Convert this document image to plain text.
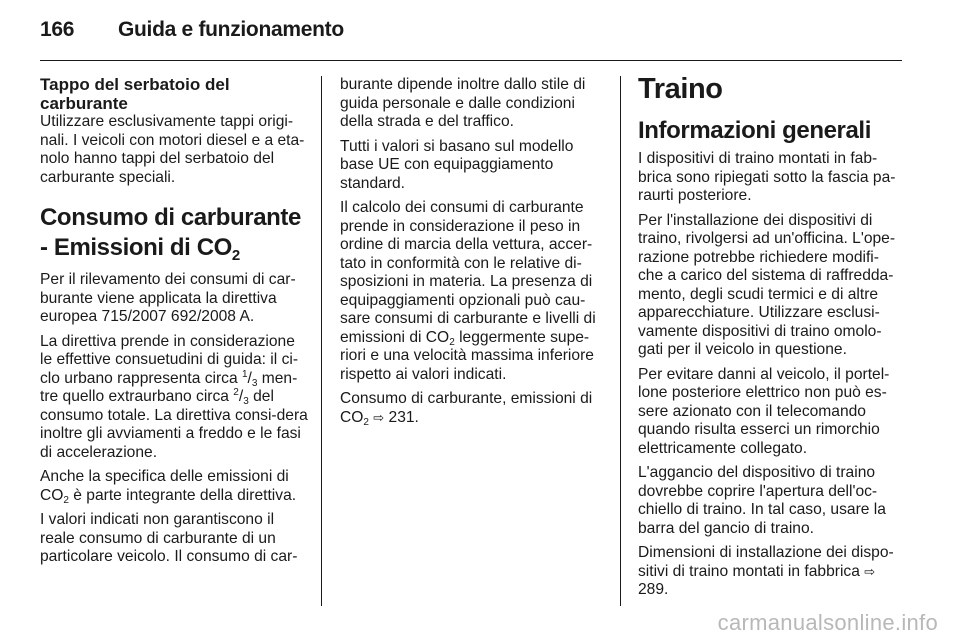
166 Guida e funzionamento
Tappo del serbatoio del carburante

Utilizzare esclusivamente tappi origi-nali. I veicoli con motori diesel e a eta-nolo hanno tappi del serbatoio del carburante speciali.

Consumo di carburante - Emissioni di $CO_2$

Per il rilevamento dei consumi di car-burante viene applicata la direttiva europea 715/2007 692/2008 A.

La direttiva prende in considerazione le effettive consuetudini di guida: il ci-clo urbano rappresenta circa $^1/_3$ men-tre quello extraurbano circa $^2/_3$ del consumo totale. La direttiva consi-dera inoltre gli avviamenti a freddo e le fasi di accelerazione.

Anche la specifica delle emissioni di $CO_2$ è parte integrante della direttiva.

I valori indicati non garantiscono il reale consumo di carburante di un particolare veicolo. Il consumo di car-

burante dipende inoltre dallo stile di guida personale e dalle condizioni della strada e del traffico.

Tutti i valori si basano sul modello base UE con equipaggiamento standard.

Il calcolo dei consumi di carburante prende in considerazione il peso in ordine di marcia della vettura, accer-tato in conformità con le relative di-sposizioni in materia. La presenza di equipaggiamenti opzionali può cau-sare consumi di carburante e livelli di emissioni di $CO_2$ leggermente supe-riori e una velocità massima inferiore rispetto ai valori indicati.

Consumo di carburante, emissioni di $CO_2$ ⇨ 231.

Traino
Informazioni generali

I dispositivi di traino montati in fab-brica sono ripiegati sotto la fascia pa-raurti posteriore.

Per l'installazione dei dispositivi di traino, rivolgersi ad un'officina. L'ope-razione potrebbe richiedere modifi-che a carico del sistema di raffredda-mento, degli scudi termici e di altre apparecchiature. Utilizzare esclusi-vamente dispositivi di traino omolo-gati per il veicolo in questione.

Per evitare danni al veicolo, il portel-lone posteriore elettrico non può es-sere azionato con il telecomando quando risulta esserci un rimorchio elettricamente collegato.

L'aggancio del dispositivo di traino dovrebbe coprire l'apertura dell'oc-chiello di traino. In tal caso, usare la barra del gancio di traino.

Dimensioni di installazione dei dispo-sitivi di traino montati in fabbrica ⇨ 289.

carmanualsonline.info
